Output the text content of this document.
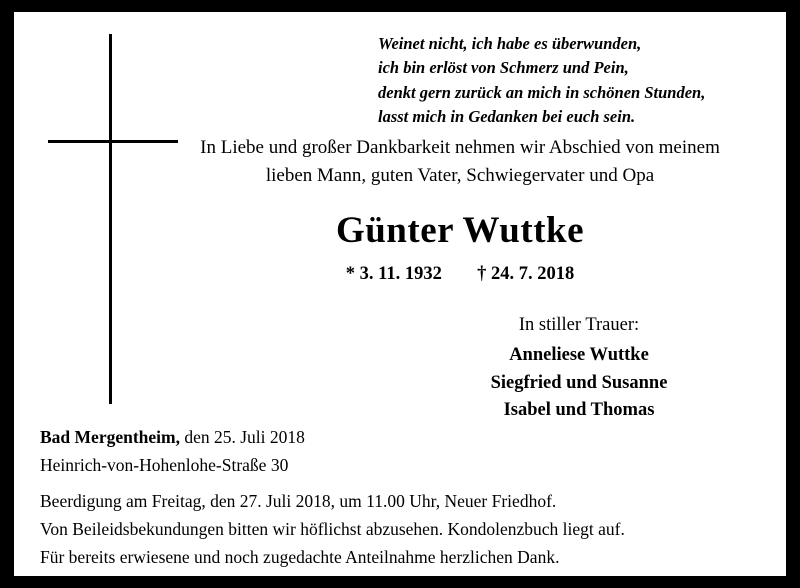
Weinet nicht, ich habe es überwunden,
ich bin erlöst von Schmerz und Pein,
denkt gern zurück an mich in schönen Stunden,
lasst mich in Gedanken bei euch sein.
In Liebe und großer Dankbarkeit nehmen wir Abschied von meinem
lieben Mann, guten Vater, Schwiegervater und Opa
Günter Wuttke
* 3. 11. 1932 † 24. 7. 2018
In stiller Trauer:
Anneliese Wuttke
Siegfried und Susanne
Isabel und Thomas
Bad Mergentheim, den 25. Juli 2018
Heinrich-von-Hohenlohe-Straße 30
Beerdigung am Freitag, den 27. Juli 2018, um 11.00 Uhr, Neuer Friedhof.
Von Beileidsbekundungen bitten wir höflichst abzusehen. Kondolenzbuch liegt auf.
Für bereits erwiesene und noch zugedachte Anteilnahme herzlichen Dank.
